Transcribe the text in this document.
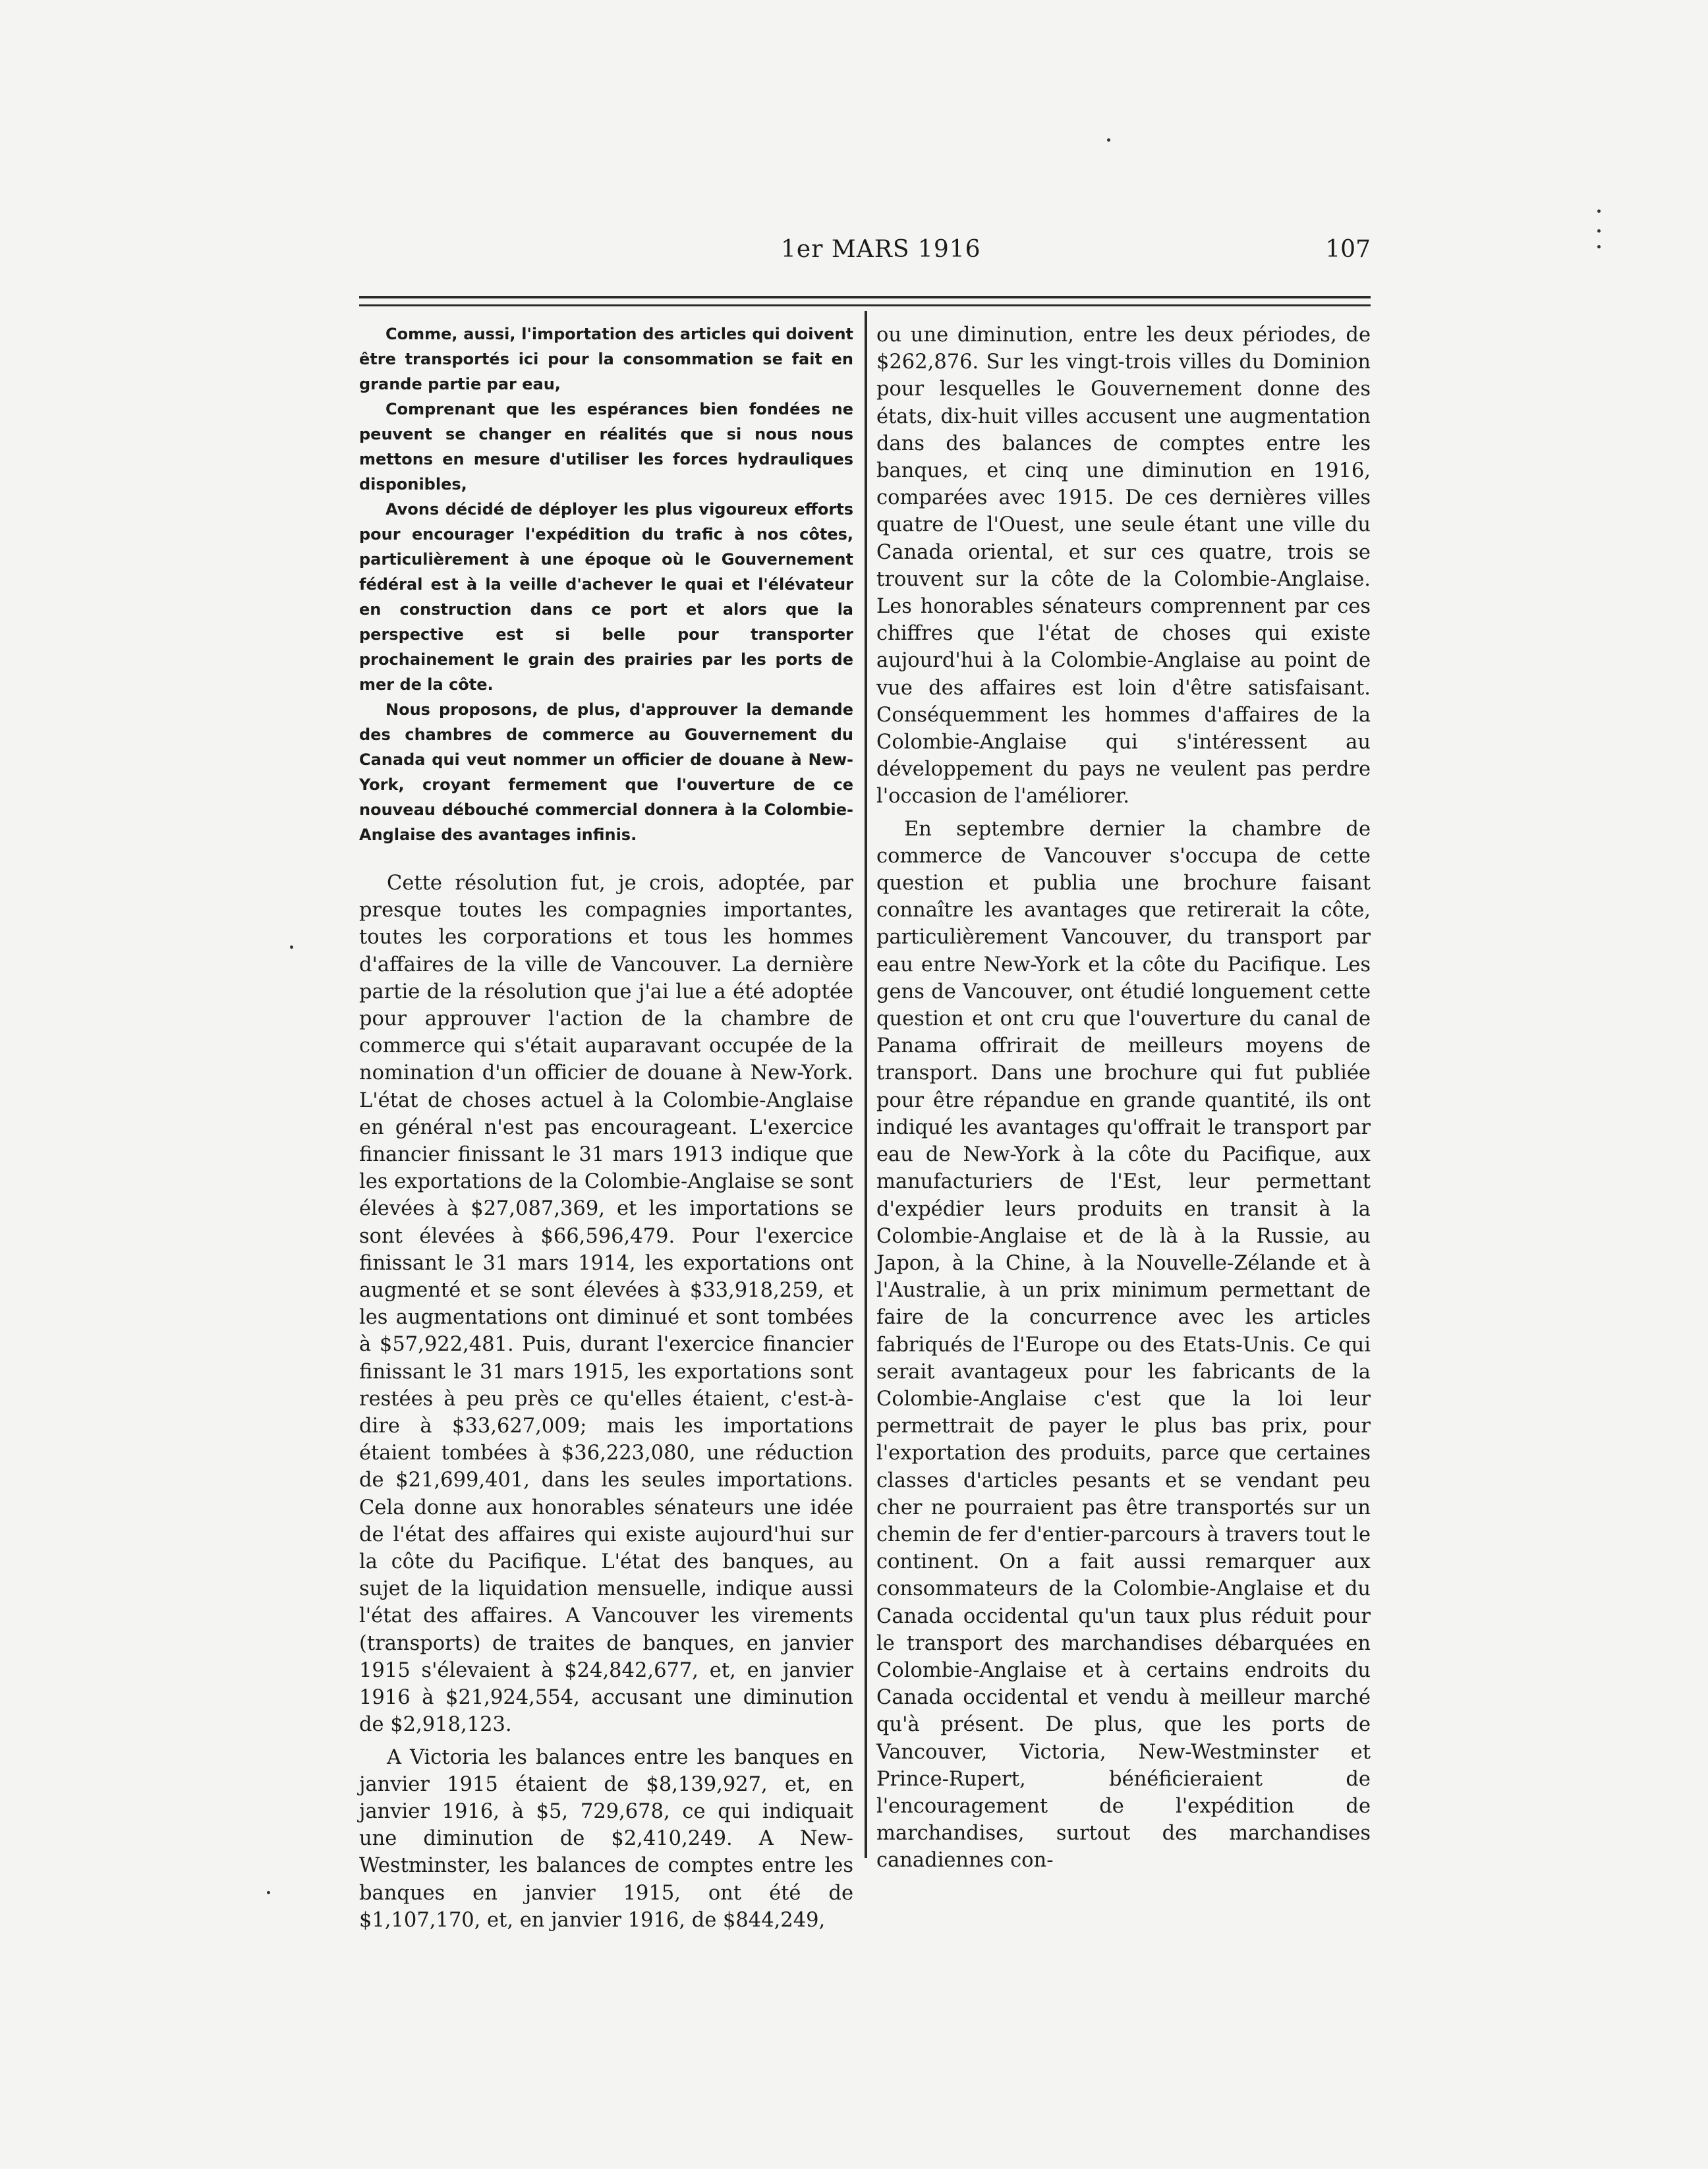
1er MARS 1916	107

Comme, aussi, l'importation des articles qui doivent être transportés ici pour la consommation se fait en grande partie par eau,

Comprenant que les espérances bien fondées ne peuvent se changer en réalités que si nous nous mettons en mesure d'utiliser les forces hydrauliques disponibles,

Avons décidé de déployer les plus vigoureux efforts pour encourager l'expédition du trafic à nos côtes, particulièrement à une époque où le Gouvernement fédéral est à la veille d'achever le quai et l'élévateur en construction dans ce port et alors que la perspective est si belle pour transporter prochainement le grain des prairies par les ports de mer de la côte.

Nous proposons, de plus, d'approuver la demande des chambres de commerce au Gouvernement du Canada qui veut nommer un officier de douane à New-York, croyant fermement que l'ouverture de ce nouveau débouché commercial donnera à la Colombie-Anglaise des avantages infinis.

Cette résolution fut, je crois, adoptée, par presque toutes les compagnies importantes, toutes les corporations et tous les hommes d'affaires de la ville de Vancouver. La dernière partie de la résolution que j'ai lue a été adoptée pour approuver l'action de la chambre de commerce qui s'était auparavant occupée de la nomination d'un officier de douane à New-York. L'état de choses actuel à la Colombie-Anglaise en général n'est pas encourageant. L'exercice financier finissant le 31 mars 1913 indique que les exportations de la Colombie-Anglaise se sont élevées à $27,087,369, et les importations se sont élevées à $66,596,479. Pour l'exercice finissant le 31 mars 1914, les exportations ont augmenté et se sont élevées à $33,918,259, et les augmentations ont diminué et sont tombées à $57,922,481. Puis, durant l'exercice financier finissant le 31 mars 1915, les exportations sont restées à peu près ce qu'elles étaient, c'est-à-dire à $33,627,009; mais les importations étaient tombées à $36,223,080, une réduction de $21,699,401, dans les seules importations. Cela donne aux honorables sénateurs une idée de l'état des affaires qui existe aujourd'hui sur la côte du Pacifique. L'état des banques, au sujet de la liquidation mensuelle, indique aussi l'état des affaires. A Vancouver les virements (transports) de traites de banques, en janvier 1915 s'élevaient à $24,842,677, et, en janvier 1916 à $21,924,554, accusant une diminution de $2,918,123.

A Victoria les balances entre les banques en janvier 1915 étaient de $8,139,927, et, en janvier 1916, à $5, 729,678, ce qui indiquait une diminution de $2,410,249. A New-Westminster, les balances de comptes entre les banques en janvier 1915, ont été de $1,107,170, et, en janvier 1916, de $844,249,

ou une diminution, entre les deux périodes, de $262,876. Sur les vingt-trois villes du Dominion pour lesquelles le Gouvernement donne des états, dix-huit villes accusent une augmentation dans des balances de comptes entre les banques, et cinq une diminution en 1916, comparées avec 1915. De ces dernières villes quatre de l'Ouest, une seule étant une ville du Canada oriental, et sur ces quatre, trois se trouvent sur la côte de la Colombie-Anglaise. Les honorables sénateurs comprennent par ces chiffres que l'état de choses qui existe aujourd'hui à la Colombie-Anglaise au point de vue des affaires est loin d'être satisfaisant. Conséquemment les hommes d'affaires de la Colombie-Anglaise qui s'intéressent au développement du pays ne veulent pas perdre l'occasion de l'améliorer.

En septembre dernier la chambre de commerce de Vancouver s'occupa de cette question et publia une brochure faisant connaître les avantages que retirerait la côte, particulièrement Vancouver, du transport par eau entre New-York et la côte du Pacifique. Les gens de Vancouver, ont étudié longuement cette question et ont cru que l'ouverture du canal de Panama offrirait de meilleurs moyens de transport. Dans une brochure qui fut publiée pour être répandue en grande quantité, ils ont indiqué les avantages qu'offrait le transport par eau de New-York à la côte du Pacifique, aux manufacturiers de l'Est, leur permettant d'expédier leurs produits en transit à la Colombie-Anglaise et de là à la Russie, au Japon, à la Chine, à la Nouvelle-Zélande et à l'Australie, à un prix minimum permettant de faire de la concurrence avec les articles fabriqués de l'Europe ou des Etats-Unis. Ce qui serait avantageux pour les fabricants de la Colombie-Anglaise c'est que la loi leur permettrait de payer le plus bas prix, pour l'exportation des produits, parce que certaines classes d'articles pesants et se vendant peu cher ne pourraient pas être transportés sur un chemin de fer d'entier-parcours à travers tout le continent. On a fait aussi remarquer aux consommateurs de la Colombie-Anglaise et du Canada occidental qu'un taux plus réduit pour le transport des marchandises débarquées en Colombie-Anglaise et à certains endroits du Canada occidental et vendu à meilleur marché qu'à présent. De plus, que les ports de Vancouver, Victoria, New-Westminster et Prince-Rupert, bénéficieraient de l'encouragement de l'expédition de marchandises, surtout des marchandises canadiennes con-
